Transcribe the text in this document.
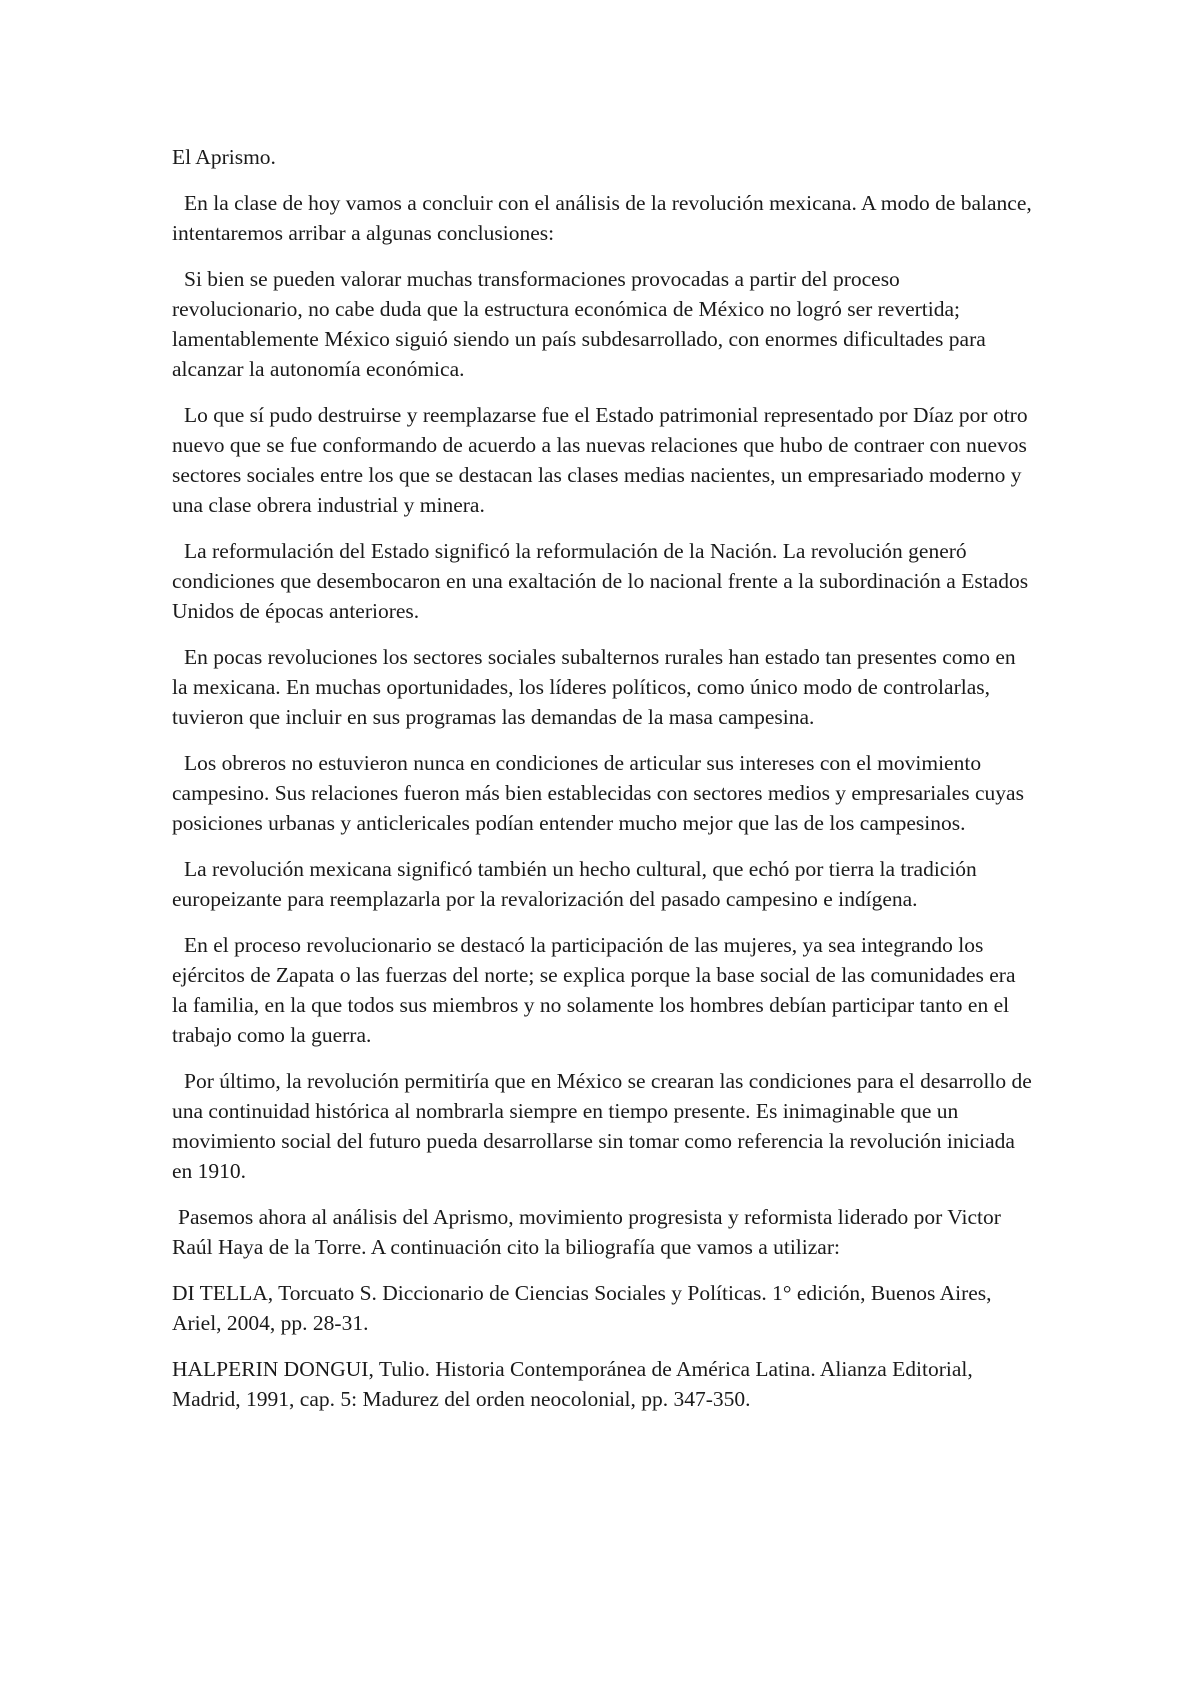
El Aprismo.

En la clase de hoy vamos a concluir con el análisis de la revolución mexicana. A modo de balance, intentaremos arribar a algunas conclusiones:

Si bien se pueden valorar muchas transformaciones provocadas a partir del proceso revolucionario, no cabe duda que la estructura económica de México no logró ser revertida; lamentablemente México siguió siendo un país subdesarrollado, con enormes dificultades para alcanzar la autonomía económica.

Lo que sí pudo destruirse y reemplazarse fue el Estado patrimonial representado por Díaz por otro nuevo que se fue conformando de acuerdo a las nuevas relaciones que hubo de contraer con nuevos sectores sociales entre los que se destacan las clases medias nacientes, un empresariado moderno y una clase obrera industrial y minera.

La reformulación del Estado significó la reformulación de la Nación. La revolución generó condiciones que desembocaron en una exaltación de lo nacional frente a la subordinación a Estados Unidos de épocas anteriores.

En pocas revoluciones los sectores sociales subalternos rurales han estado tan presentes como en la mexicana. En muchas oportunidades, los líderes políticos, como único modo de controlarlas, tuvieron que incluir en sus programas las demandas de la masa campesina.

Los obreros no estuvieron nunca en condiciones de articular sus intereses con el movimiento campesino. Sus relaciones fueron más bien establecidas con sectores medios y empresariales cuyas posiciones urbanas y anticlericales podían entender mucho mejor que las de los campesinos.

La revolución mexicana significó también un hecho cultural, que echó por tierra la tradición europeizante para reemplazarla por la revalorización del pasado campesino e indígena.

En el proceso revolucionario se destacó la participación de las mujeres, ya sea integrando los ejércitos de Zapata o las fuerzas del norte; se explica porque la base social de las comunidades era la familia, en la que todos sus miembros y no solamente los hombres debían participar tanto en el trabajo como la guerra.

Por último, la revolución permitiría que en México se crearan las condiciones para el desarrollo de una continuidad histórica al nombrarla siempre en tiempo presente. Es inimaginable que un movimiento social del futuro pueda desarrollarse sin tomar como referencia la revolución iniciada en 1910.

Pasemos ahora al análisis del Aprismo, movimiento progresista y reformista liderado por Victor Raúl Haya de la Torre. A continuación cito la biliografía que vamos a utilizar:

DI TELLA, Torcuato S. Diccionario de Ciencias Sociales y Políticas. 1° edición, Buenos Aires, Ariel, 2004, pp. 28-31.

HALPERIN DONGUI, Tulio. Historia Contemporánea de América Latina. Alianza Editorial, Madrid, 1991, cap. 5: Madurez del orden neocolonial, pp. 347-350.
